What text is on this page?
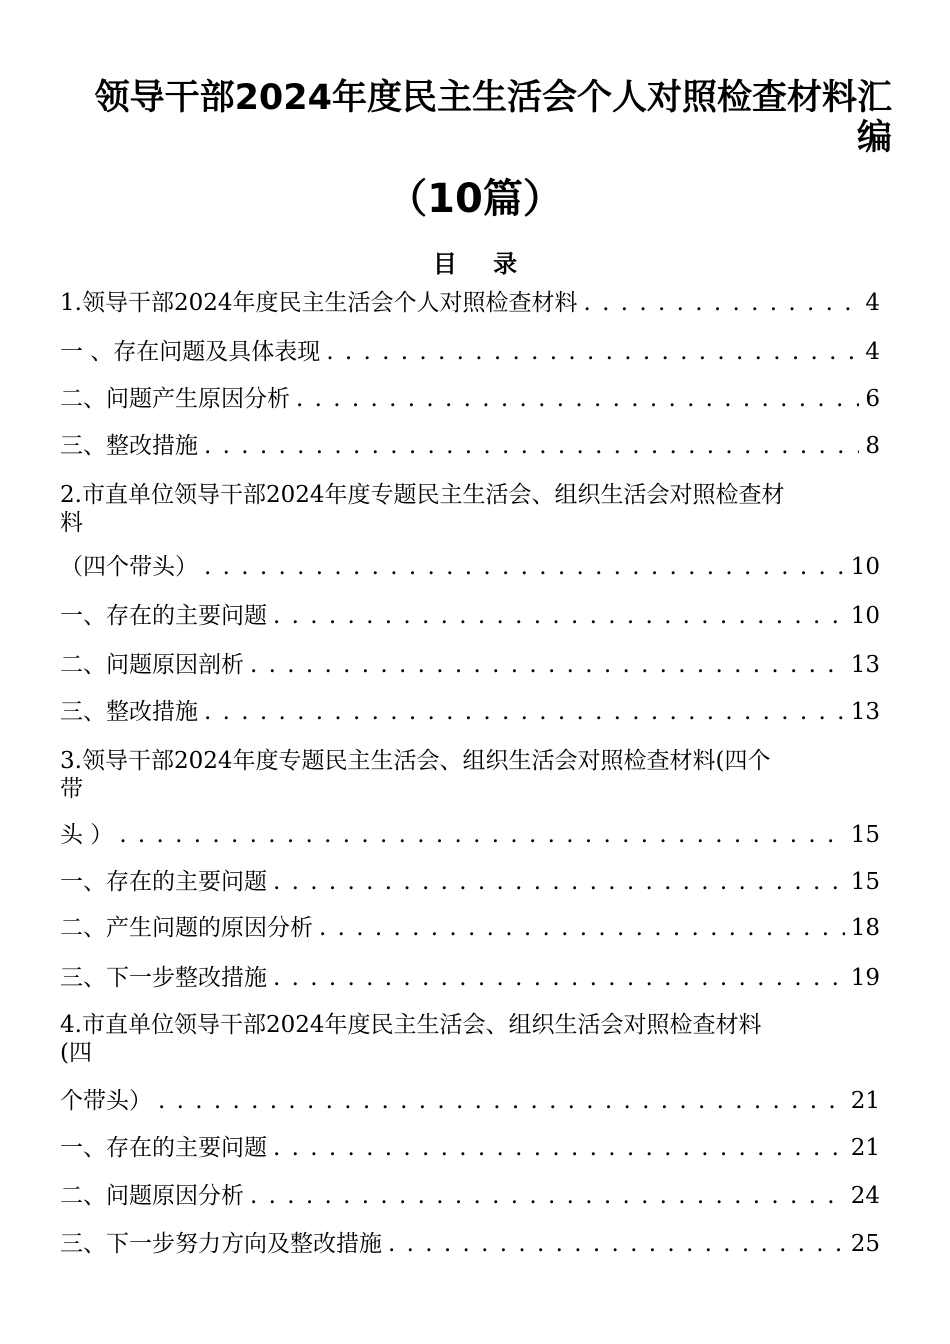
领导干部2024年度民主生活会个人对照检查材料汇
编
（10篇）
目 录
1.领导干部2024年度民主生活会个人对照检查材料 . . .	4
一 、存在问题及具体表现 . . .	4
二、问题产生原因分析 . . .	6
三、整改措施 . . .	8
2.市直单位领导干部2024年度专题民主生活会、组织生活会对照检查材
料
（四个带头） . . .	10
一、存在的主要问题 . . .	10
二、问题原因剖析 . . .	13
三、整改措施 . . .	13
3.领导干部2024年度专题民主生活会、组织生活会对照检查材料(四个
带
头 ） . . .	15
一、存在的主要问题 . . .	15
二、产生问题的原因分析 . . .	18
三、下一步整改措施 . . .	19
4.市直单位领导干部2024年度民主生活会、组织生活会对照检查材料
(四
个带头） . . .	21
一、存在的主要问题 . . .	21
二、问题原因分析 . . .	24
三、下一步努力方向及整改措施 . . .	25
